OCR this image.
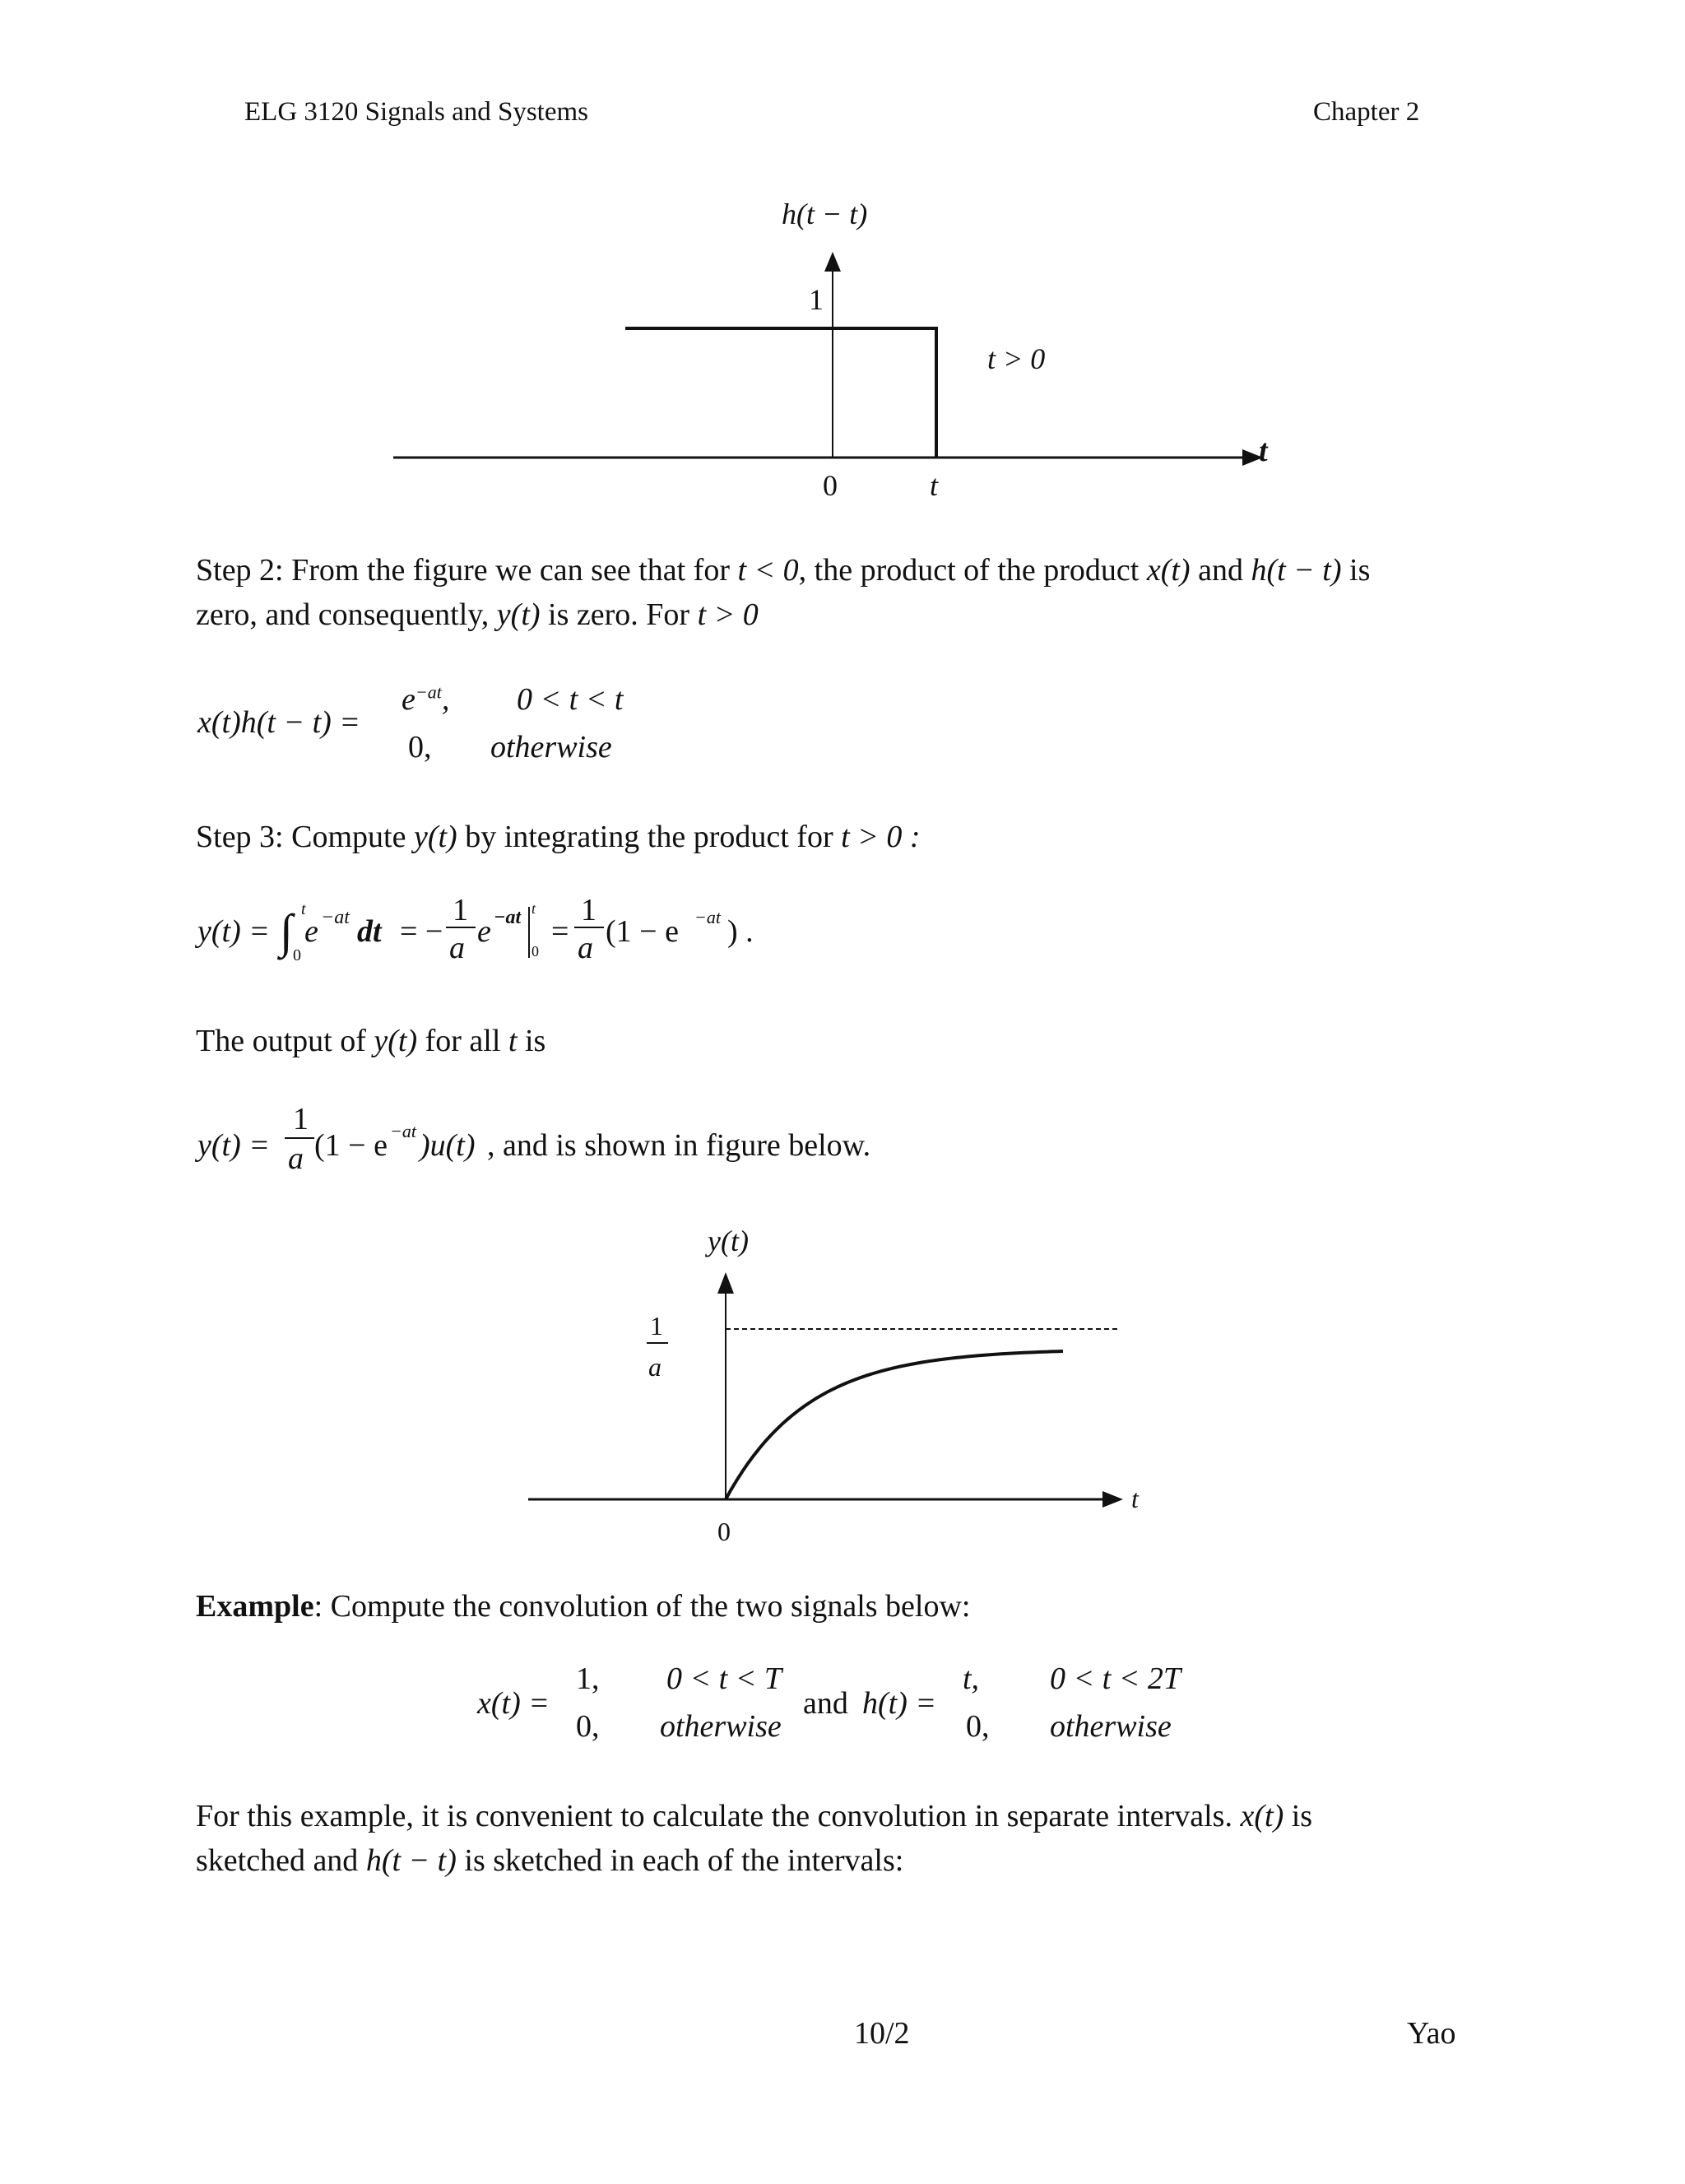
ELG 3120 Signals and Systems	Chapter 2
h(t − t)
1
t > 0
0	t
t
Step 2: From the figure we can see that for t < 0, the product of the product x(t) and h(t − t) is
zero, and consequently, y(t) is zero. For t > 0
x(t)h(t − t) =
$e^{-at}$, 0 < t < t
0, otherwise
Step 3: Compute y(t) by integrating the product for t > 0 :
y(t) = ∫ t
0
e −at dt = −
1
a e −at t
0
=
1
a (1 − e −at ) .
The output of y(t) for all t is
y(t) =
1
a (1 − e −at )u(t) , and is shown in figure below.
y(t)
1
a
0
t
Example: Compute the convolution of the two signals below:
x(t) =
1, 0 < t < T
0, otherwise
and h(t) =
t, 0 < t < 2T
0, otherwise
For this example, it is convenient to calculate the convolution in separate intervals. x(t) is
sketched and h(t − t) is sketched in each of the intervals:
10/2	Yao
